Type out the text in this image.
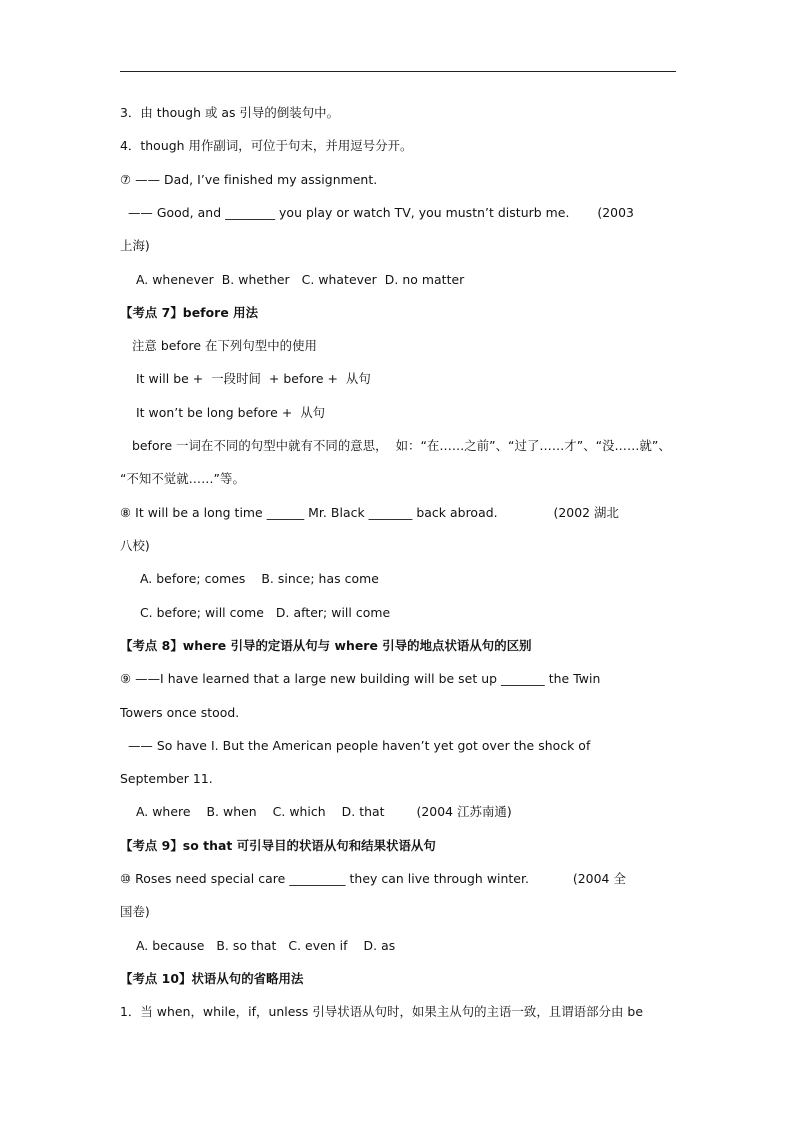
3．由 though 或 as 引导的倒装句中。
4．though 用作副词，可位于句末，并用逗号分开。
⑦ —— Dad, I’ve finished my assignment.
—— Good, and ________ you play or watch TV, you mustn’t disturb me.       (2003
上海)
A. whenever  B. whether   C. whatever  D. no matter
【考点 7】before 用法
注意 before 在下列句型中的使用
It will be +  一段时间  + before +  从句
It won’t be long before +  从句
before 一词在不同的句型中就有不同的意思，  如：“在……之前”、“过了……才”、“没……就”、
“不知不觉就……”等。
⑧ It will be a long time ______ Mr. Black _______ back abroad.              (2002 湖北
八校)
A. before; comes    B. since; has come
C. before; will come   D. after; will come
【考点 8】where 引导的定语从句与 where 引导的地点状语从句的区别
⑨ ——I have learned that a large new building will be set up _______ the Twin
Towers once stood.
—— So have I. But the American people haven’t yet got over the shock of
September 11.
A. where    B. when    C. which    D. that        (2004 江苏南通)
【考点 9】so that 可引导目的状语从句和结果状语从句
⑩ Roses need special care _________ they can live through winter.           (2004 全
国卷)
A. because   B. so that   C. even if    D. as
【考点 10】状语从句的省略用法
1．当 when，while，if，unless 引导状语从句时，如果主从句的主语一致，且谓语部分由 be
